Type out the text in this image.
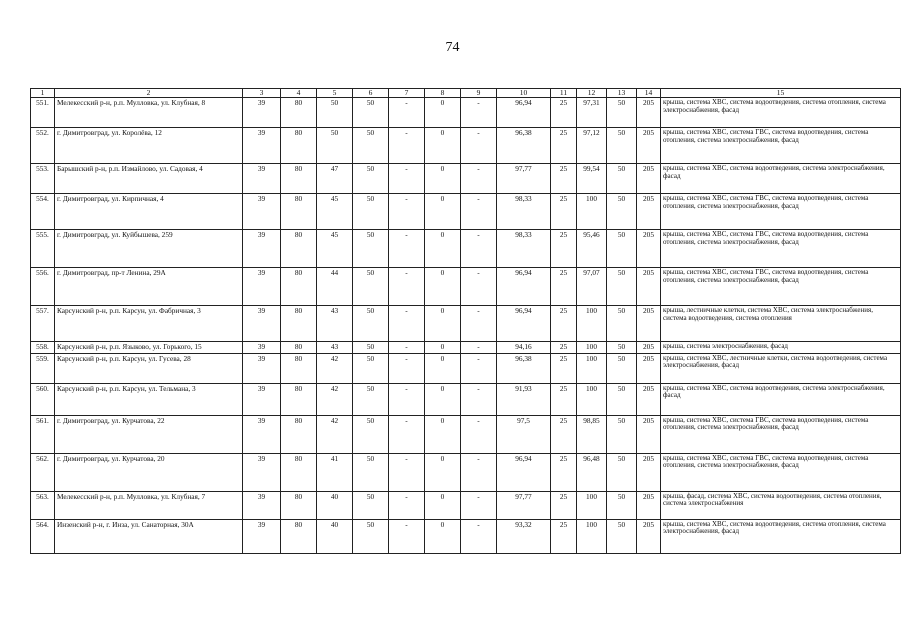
74
1	2	3	4	5	6	7	8	9	10	11	12	13	14	15
551.	Мелекесский р-н, р.п. Мулловка, ул. Клубная, 8	39	80	50	50	-	0	-	96,94	25	97,31	50	205	крыша, система ХВС, система водоотведения, система отопления, система электроснабжения, фасад
552.	г. Димитровград, ул. Королёва, 12	39	80	50	50	-	0	-	96,38	25	97,12	50	205	крыша, система ХВС, система ГВС, система водоотведения, система отопления, система электроснабжения, фасад
553.	Барышский р-н, р.п. Измайлово, ул. Садовая, 4	39	80	47	50	-	0	-	97,77	25	99,54	50	205	крыша, система ХВС, система водоотведения, система электроснабжения, фасад
554.	г. Димитровград, ул. Кирпичная, 4	39	80	45	50	-	0	-	98,33	25	100	50	205	крыша, система ХВС, система ГВС, система водоотведения, система отопления, система электроснабжения, фасад
555.	г. Димитровград, ул. Куйбышева, 259	39	80	45	50	-	0	-	98,33	25	95,46	50	205	крыша, система ХВС, система ГВС, система водоотведения, система отопления, система электроснабжения, фасад
556.	г. Димитровград, пр-т Ленина, 29А	39	80	44	50	-	0	-	96,94	25	97,07	50	205	крыша, система ХВС, система ГВС, система водоотведения, система отопления, система электроснабжения, фасад
557.	Карсунский р-н, р.п. Карсун, ул. Фабричная, 3	39	80	43	50	-	0	-	96,94	25	100	50	205	крыша, лестничные клетки, система ХВС, система электроснабжения, система водоотведения, система отопления
558.	Карсунский р-н, р.п. Языково, ул. Горького, 15	39	80	43	50	-	0	-	94,16	25	100	50	205	крыша, система электроснабжения, фасад
559.	Карсунский р-н, р.п. Карсун, ул. Гусева, 28	39	80	42	50	-	0	-	96,38	25	100	50	205	крыша, система ХВС, лестничные клетки, система водоотведения, система электроснабжения, фасад
560.	Карсунский р-н, р.п. Карсун, ул. Тельмана, 3	39	80	42	50	-	0	-	91,93	25	100	50	205	крыша, система ХВС, система водоотведения, система электроснабжения, фасад
561.	г. Димитровград, ул. Курчатова, 22	39	80	42	50	-	0	-	97,5	25	98,85	50	205	крыша, система ХВС, система ГВС, система водоотведения, система отопления, система электроснабжения, фасад
562.	г. Димитровград, ул. Курчатова, 20	39	80	41	50	-	0	-	96,94	25	96,48	50	205	крыша, система ХВС, система ГВС, система водоотведения, система отопления, система электроснабжения, фасад
563.	Мелекесский р-н, р.п. Мулловка, ул. Клубная, 7	39	80	40	50	-	0	-	97,77	25	100	50	205	крыша, фасад, система ХВС, система водоотведения, система отопления, система электроснабжения
564.	Инзенский р-н, г. Инза, ул. Санаторная, 30А	39	80	40	50	-	0	-	93,32	25	100	50	205	крыша, система ХВС, система водоотведения, система отопления, система электроснабжения, фасад
